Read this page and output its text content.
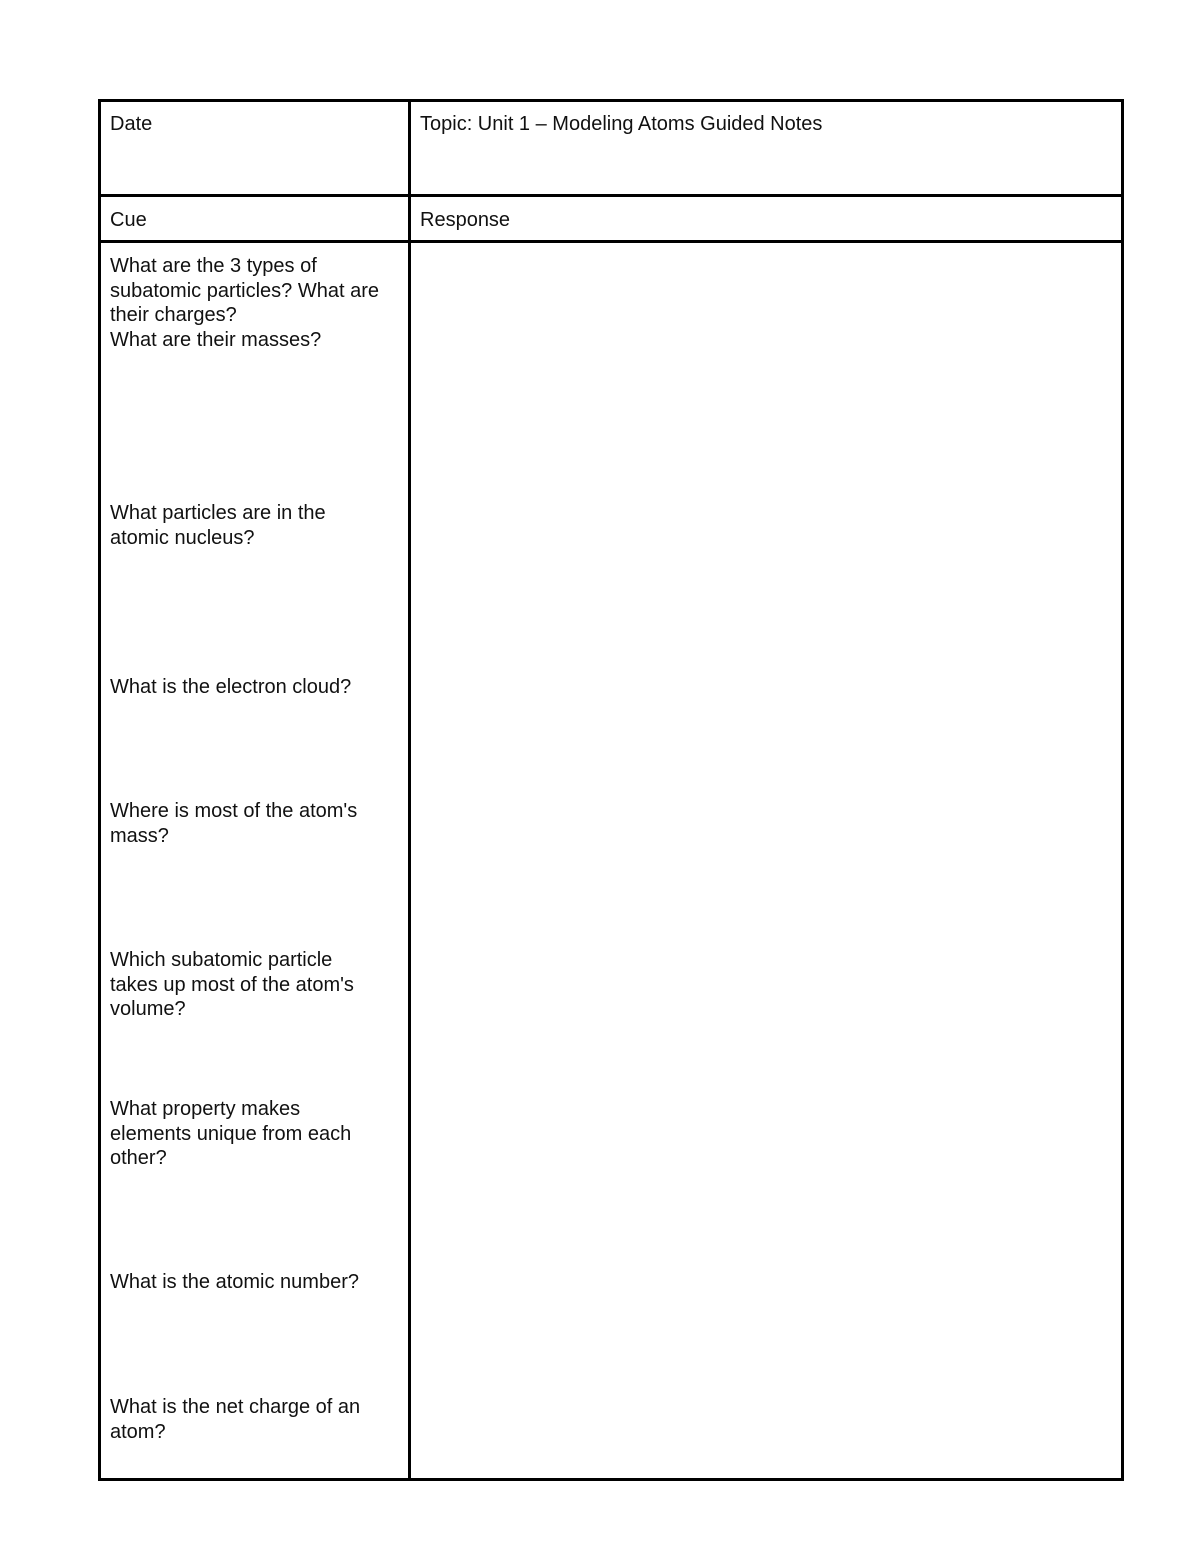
Date	Topic: Unit 1 – Modeling Atoms Guided Notes
Cue	Response
What are the 3 types of
subatomic particles? What are
their charges?
What are their masses?
What particles are in the
atomic nucleus?
What is the electron cloud?
Where is most of the atom's
mass?
Which subatomic particle
takes up most of the atom's
volume?
What property makes
elements unique from each
other?
What is the atomic number?
What is the net charge of an
atom?
